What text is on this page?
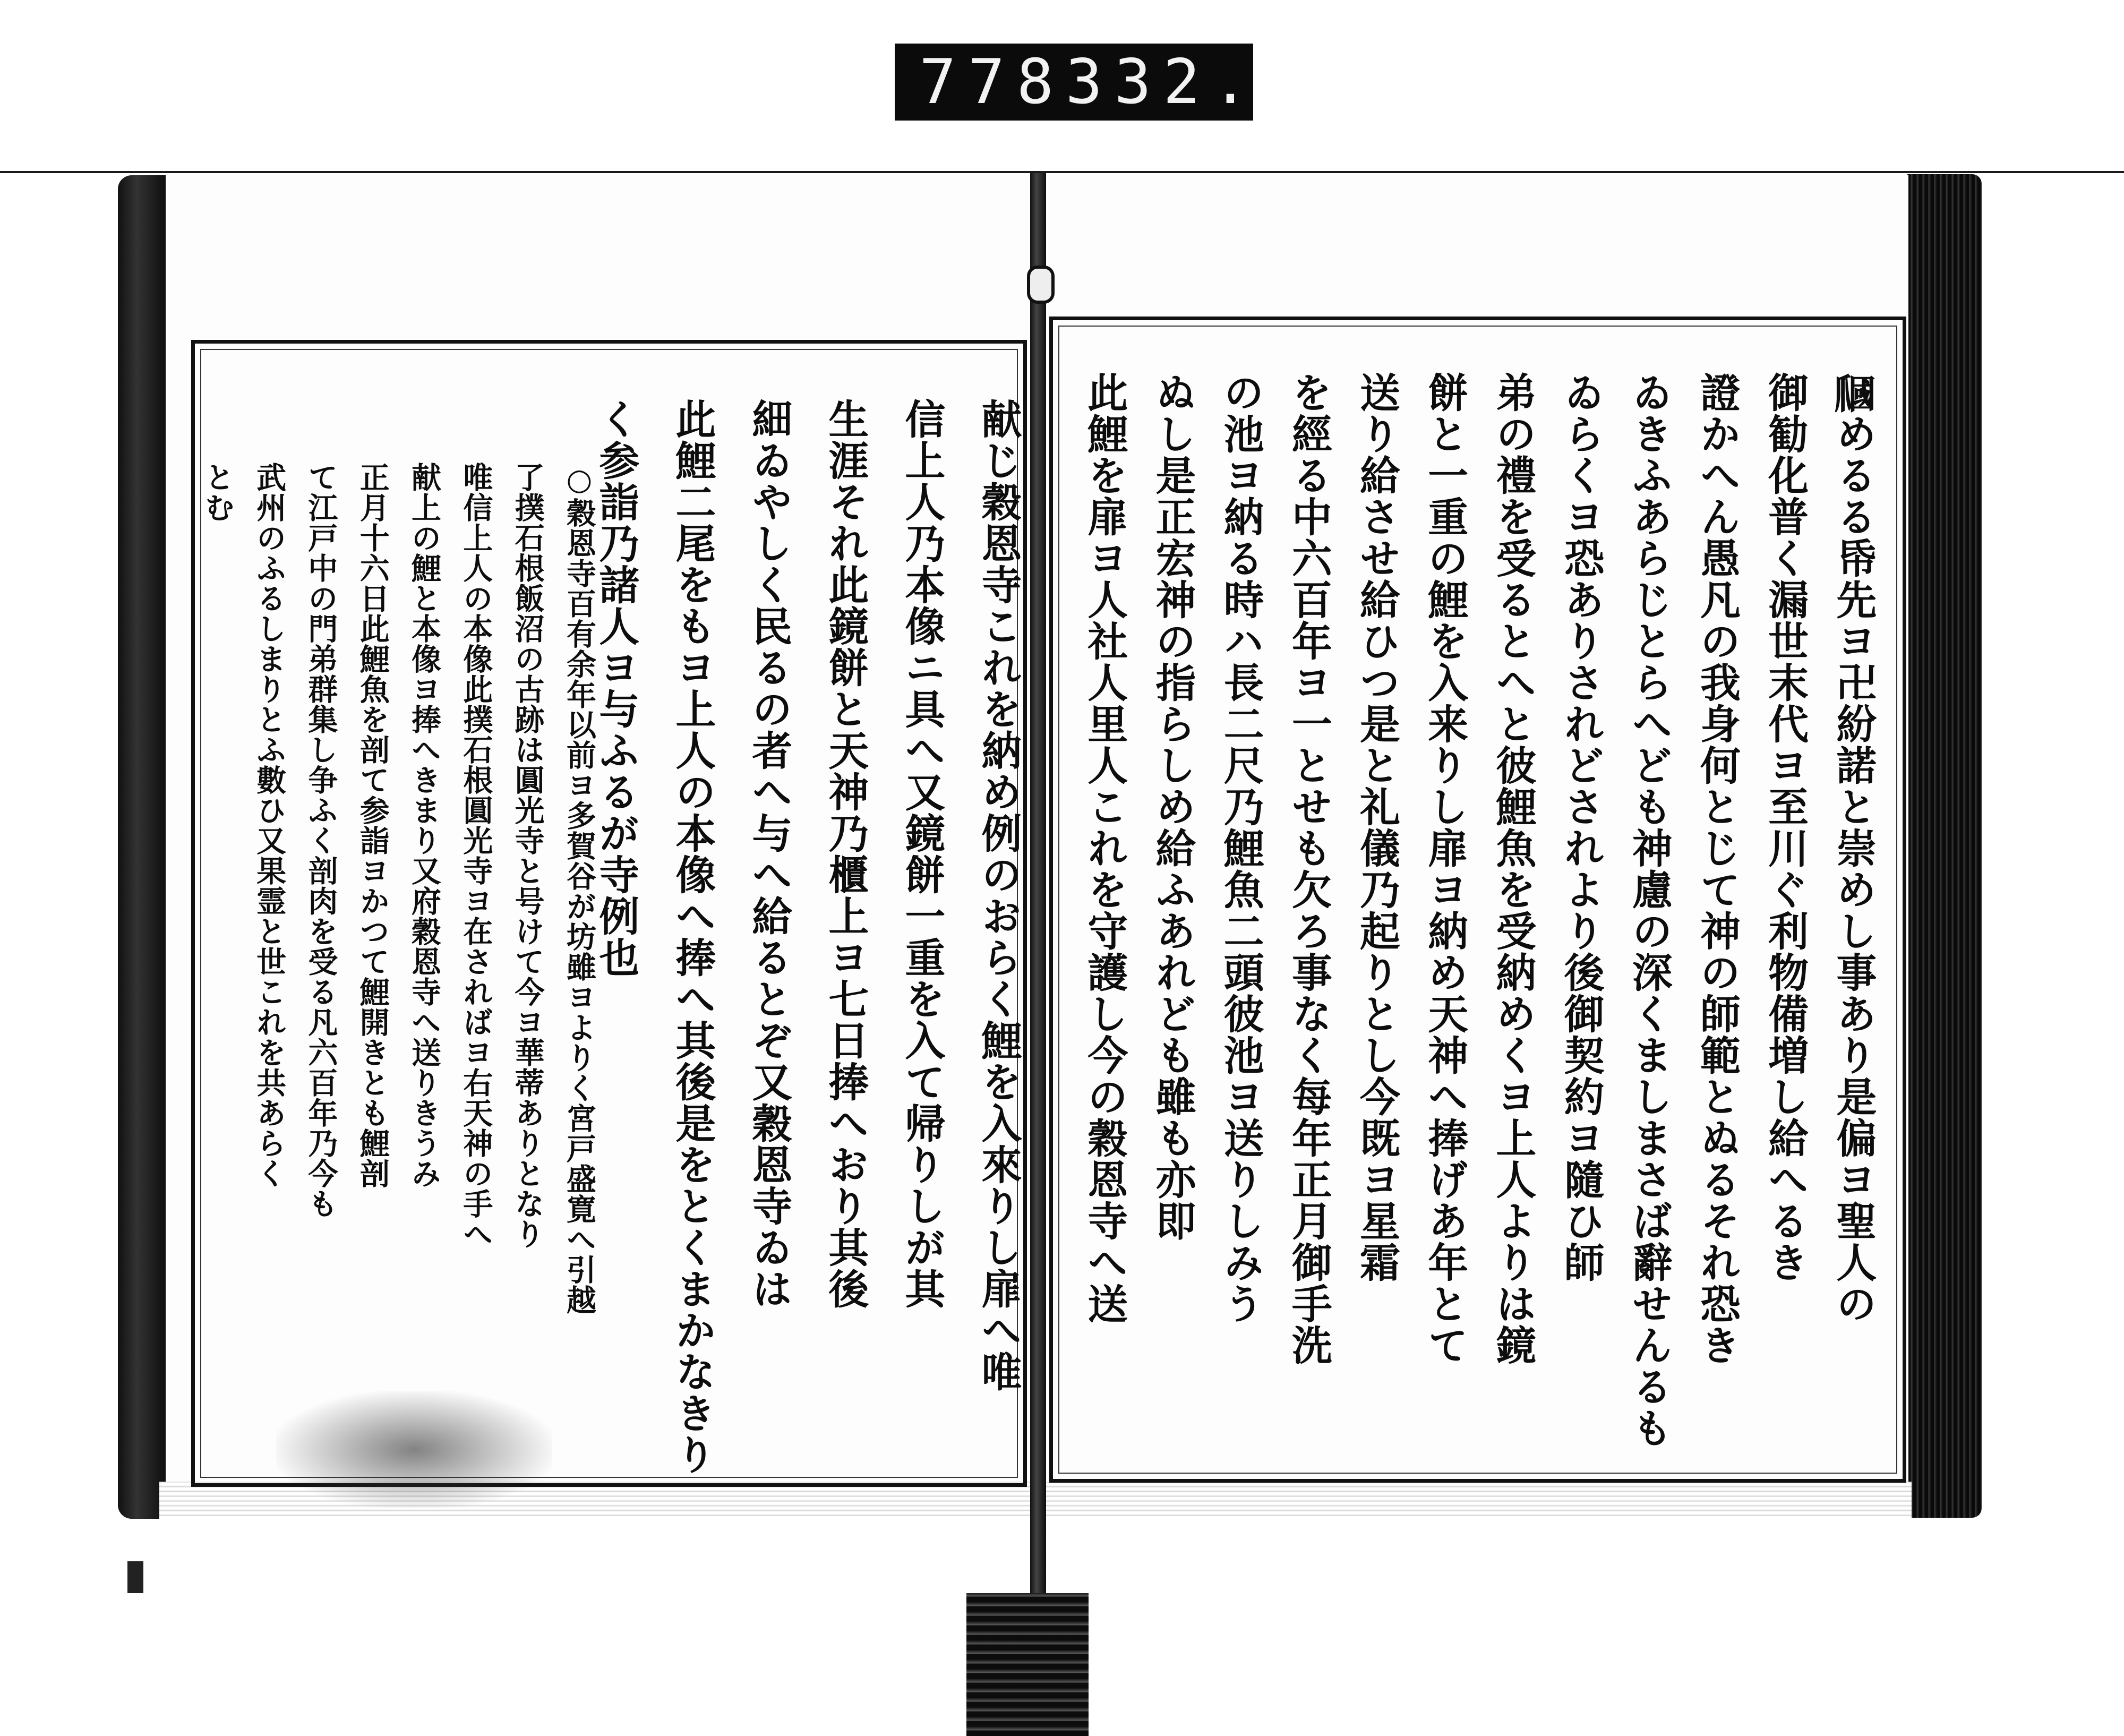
778 332.
𤔩めるる帋先ヨ卍紛諾と崇めし事あり是偏ヨ聖人の
御勧化普く漏世末代ヨ至川ぐ利物備増し給へるき
證かへん愚凡の我身何とじて神の師範とぬるそれ恐き
ゐきふあらじとらへども神慮の深くましまさば辭せんるも
ゐらくヨ恐ありされどされより後御契約ヨ隨ひ師
弟の禮を受るとへと彼鯉魚を受納めくヨ上人よりは鏡
餅と一重の鯉を入来りし扉ヨ納め天神へ捧げあ年とて
送り給させ給ひつ是と礼儀乃起りとし今既ヨ星霜
を經る中六百年ヨ一とせも欠ろ事なく每年正月御手洗
の池ヨ納る時ハ長二尺乃鯉魚二頭彼池ヨ送りしみう
ぬし是正宏神の指らしめ給ふあれども雖も亦即
此鯉を扉ヨ人社人里人これを守護し今の穀恩寺へ送
献じ穀恩寺これを納め例のおらく鯉を入來りし扉へ唯
信上人乃本像ニ具へ又鏡餅一重を入て帰りしが其
生涯それ此鏡餅と天神乃櫃上ヨ七日捧へおり其後
細ゐやしく民るの者へ与へ給るとぞ又穀恩寺ゐは
此鯉二尾をもヨ上人の本像へ捧へ其後是をとくまかなきり
く参詣乃諸人ヨ与ふるが寺例也
○穀恩寺百有余年以前ヨ多賀谷が坊雖ヨよりく宮戸盛寛へ引越
了撲石根飯沼の古跡は圓光寺と号けて今ヨ華蒂ありとなり
唯信上人の本像此撲石根圓光寺ヨ在さればヨ右天神の手へ
献上の鯉と本像ヨ捧へきまり又府穀恩寺へ送りきうみ
正月十六日此鯉魚を剖て参詣ヨかつて鯉開きとも鯉剖
て江戸中の門弟群集し争ふく剖肉を受る凡六百年乃今も
武州のふるしまりとふ數ひ又果霊と世これを共あらく
とむ
